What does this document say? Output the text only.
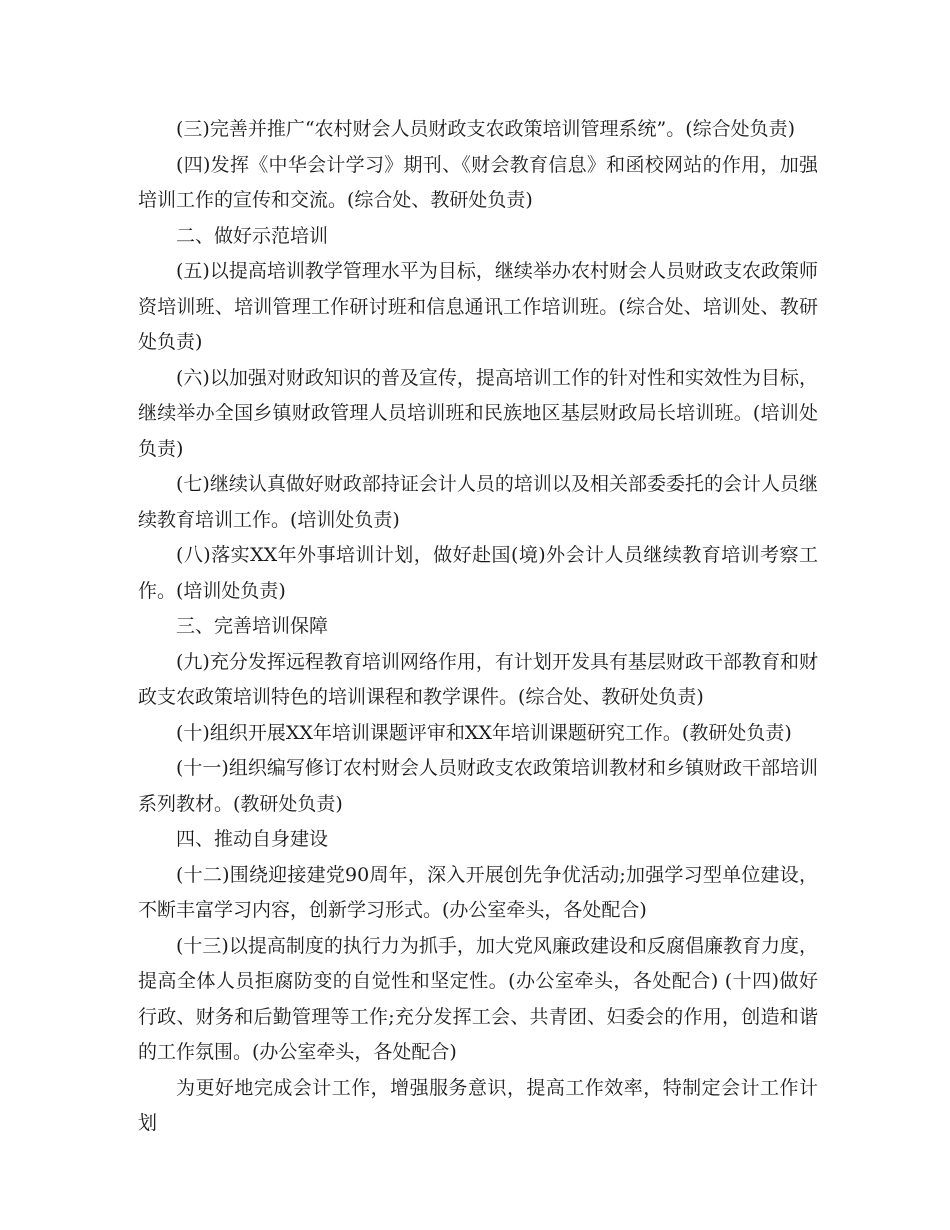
(三)完善并推广“农村财会人员财政支农政策培训管理系统”。(综合处负责)

(四)发挥《中华会计学习》期刊、《财会教育信息》和函校网站的作用，加强培训工作的宣传和交流。(综合处、教研处负责)

二、做好示范培训

(五)以提高培训教学管理水平为目标，继续举办农村财会人员财政支农政策师资培训班、培训管理工作研讨班和信息通讯工作培训班。(综合处、培训处、教研处负责)

(六)以加强对财政知识的普及宣传，提高培训工作的针对性和实效性为目标，继续举办全国乡镇财政管理人员培训班和民族地区基层财政局长培训班。(培训处负责)

(七)继续认真做好财政部持证会计人员的培训以及相关部委委托的会计人员继续教育培训工作。(培训处负责)

(八)落实XX年外事培训计划，做好赴国(境)外会计人员继续教育培训考察工作。(培训处负责)

三、完善培训保障

(九)充分发挥远程教育培训网络作用，有计划开发具有基层财政干部教育和财政支农政策培训特色的培训课程和教学课件。(综合处、教研处负责)

(十)组织开展XX年培训课题评审和XX年培训课题研究工作。(教研处负责)

(十一)组织编写修订农村财会人员财政支农政策培训教材和乡镇财政干部培训系列教材。(教研处负责)

四、推动自身建设

(十二)围绕迎接建党90周年，深入开展创先争优活动;加强学习型单位建设，不断丰富学习内容，创新学习形式。(办公室牵头，各处配合)

(十三)以提高制度的执行力为抓手，加大党风廉政建设和反腐倡廉教育力度，提高全体人员拒腐防变的自觉性和坚定性。(办公室牵头，各处配合) (十四)做好行政、财务和后勤管理等工作;充分发挥工会、共青团、妇委会的作用，创造和谐的工作氛围。(办公室牵头，各处配合)

为更好地完成会计工作，增强服务意识，提高工作效率，特制定会计工作计划
